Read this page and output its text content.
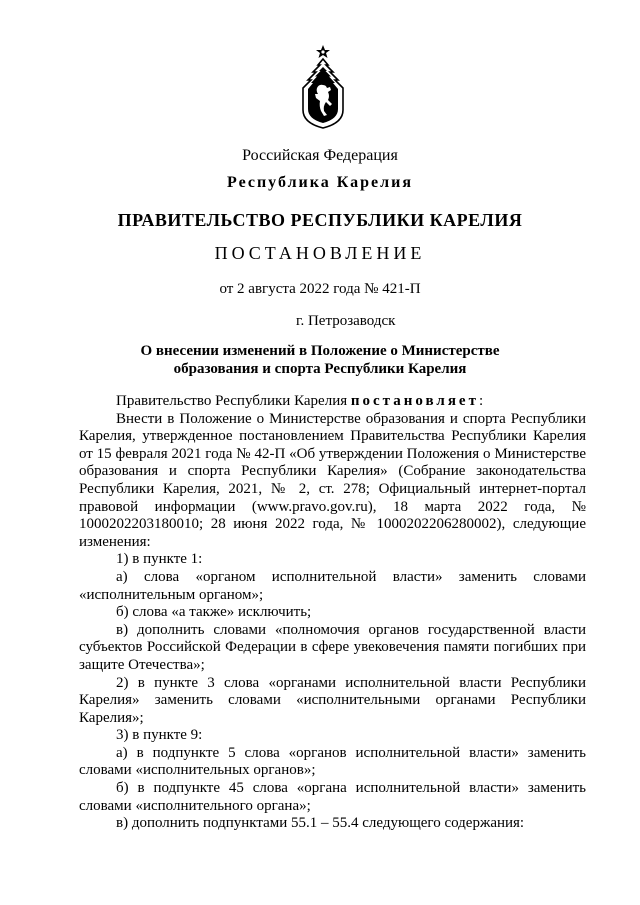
Российская Федерация
Республика Карелия
ПРАВИТЕЛЬСТВО РЕСПУБЛИКИ КАРЕЛИЯ
ПОСТАНОВЛЕНИЕ
от 2 августа 2022 года № 421-П
г. Петрозаводск
О внесении изменений в Положение о Министерстве
образования и спорта Республики Карелия

Правительство Республики Карелия постановляет:

Внести в Положение о Министерстве образования и спорта Республики Карелия, утвержденное постановлением Правительства Республики Карелия от 15 февраля 2021 года № 42-П «Об утверждении Положения о Министерстве образования и спорта Республики Карелия» (Собрание законодательства Республики Карелия, 2021, № 2, ст. 278; Официальный интернет-портал правовой информации (www.pravo.gov.ru), 18 марта 2022 года, № 1000202203180010; 28 июня 2022 года, № 1000202206280002), следующие изменения:

1) в пункте 1:

а) слова «органом исполнительной власти» заменить словами «исполнительным органом»;

б) слова «а также» исключить;

в) дополнить словами «полномочия органов государственной власти субъектов Российской Федерации в сфере увековечения памяти погибших при защите Отечества»;

2) в пункте 3 слова «органами исполнительной власти Республики Карелия» заменить словами «исполнительными органами Республики Карелия»;

3) в пункте 9:

а) в подпункте 5 слова «органов исполнительной власти» заменить словами «исполнительных органов»;

б) в подпункте 45 слова «органа исполнительной власти» заменить словами «исполнительного органа»;

в) дополнить подпунктами 55.1 – 55.4 следующего содержания:
